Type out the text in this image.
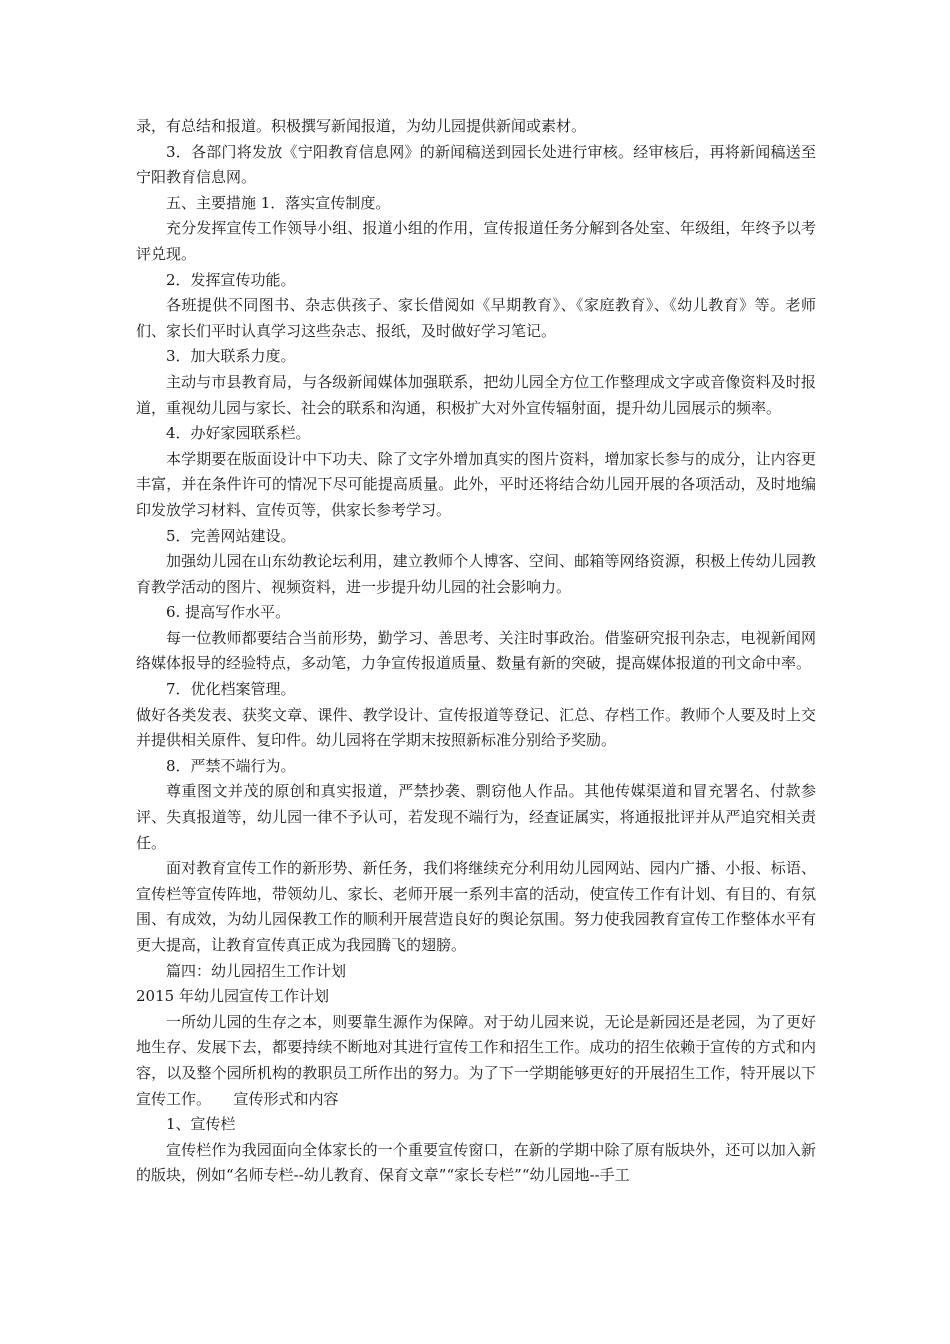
录，有总结和报道。积极撰写新闻报道，为幼儿园提供新闻或素材。

3．各部门将发放《宁阳教育信息网》的新闻稿送到园长处进行审核。经审核后，再将新闻稿送至宁阳教育信息网。

五、主要措施 1．落实宣传制度。

充分发挥宣传工作领导小组、报道小组的作用，宣传报道任务分解到各处室、年级组，年终予以考评兑现。

2．发挥宣传功能。

各班提供不同图书、杂志供孩子、家长借阅如《早期教育》、《家庭教育》、《幼儿教育》等。老师们、家长们平时认真学习这些杂志、报纸，及时做好学习笔记。

3．加大联系力度。

主动与市县教育局，与各级新闻媒体加强联系，把幼儿园全方位工作整理成文字或音像资料及时报道，重视幼儿园与家长、社会的联系和沟通，积极扩大对外宣传辐射面，提升幼儿园展示的频率。

4．办好家园联系栏。

本学期要在版面设计中下功夫、除了文字外增加真实的图片资料，增加家长参与的成分，让内容更丰富，并在条件许可的情况下尽可能提高质量。此外，平时还将结合幼儿园开展的各项活动，及时地编印发放学习材料、宣传页等，供家长参考学习。

5．完善网站建设。

加强幼儿园在山东幼教论坛利用，建立教师个人博客、空间、邮箱等网络资源，积极上传幼儿园教育教学活动的图片、视频资料，进一步提升幼儿园的社会影响力。

6. 提高写作水平。

每一位教师都要结合当前形势，勤学习、善思考、关注时事政治。借鉴研究报刊杂志，电视新闻网络媒体报导的经验特点，多动笔，力争宣传报道质量、数量有新的突破，提高媒体报道的刊文命中率。

7．优化档案管理。

做好各类发表、获奖文章、课件、教学设计、宣传报道等登记、汇总、存档工作。教师个人要及时上交并提供相关原件、复印件。幼儿园将在学期末按照新标准分别给予奖励。

8．严禁不端行为。

尊重图文并茂的原创和真实报道，严禁抄袭、剽窃他人作品。其他传媒渠道和冒充署名、付款参评、失真报道等，幼儿园一律不予认可，若发现不端行为，经查证属实，将通报批评并从严追究相关责任。

面对教育宣传工作的新形势、新任务，我们将继续充分利用幼儿园网站、园内广播、小报、标语、宣传栏等宣传阵地，带领幼儿、家长、老师开展一系列丰富的活动，使宣传工作有计划、有目的、有氛围、有成效，为幼儿园保教工作的顺利开展营造良好的舆论氛围。努力使我园教育宣传工作整体水平有更大提高，让教育宣传真正成为我园腾飞的翅膀。

篇四：幼儿园招生工作计划

2015 年幼儿园宣传工作计划

一所幼儿园的生存之本，则要靠生源作为保障。对于幼儿园来说，无论是新园还是老园，为了更好地生存、发展下去，都要持续不断地对其进行宣传工作和招生工作。成功的招生依赖于宣传的方式和内容，以及整个园所机构的教职员工所作出的努力。为了下一学期能够更好的开展招生工作，特开展以下宣传工作。　　宣传形式和内容

1、宣传栏

宣传栏作为我园面向全体家长的一个重要宣传窗口，在新的学期中除了原有版块外，还可以加入新的版块，例如“名师专栏--幼儿教育、保育文章”“家长专栏”“幼儿园地--手工
